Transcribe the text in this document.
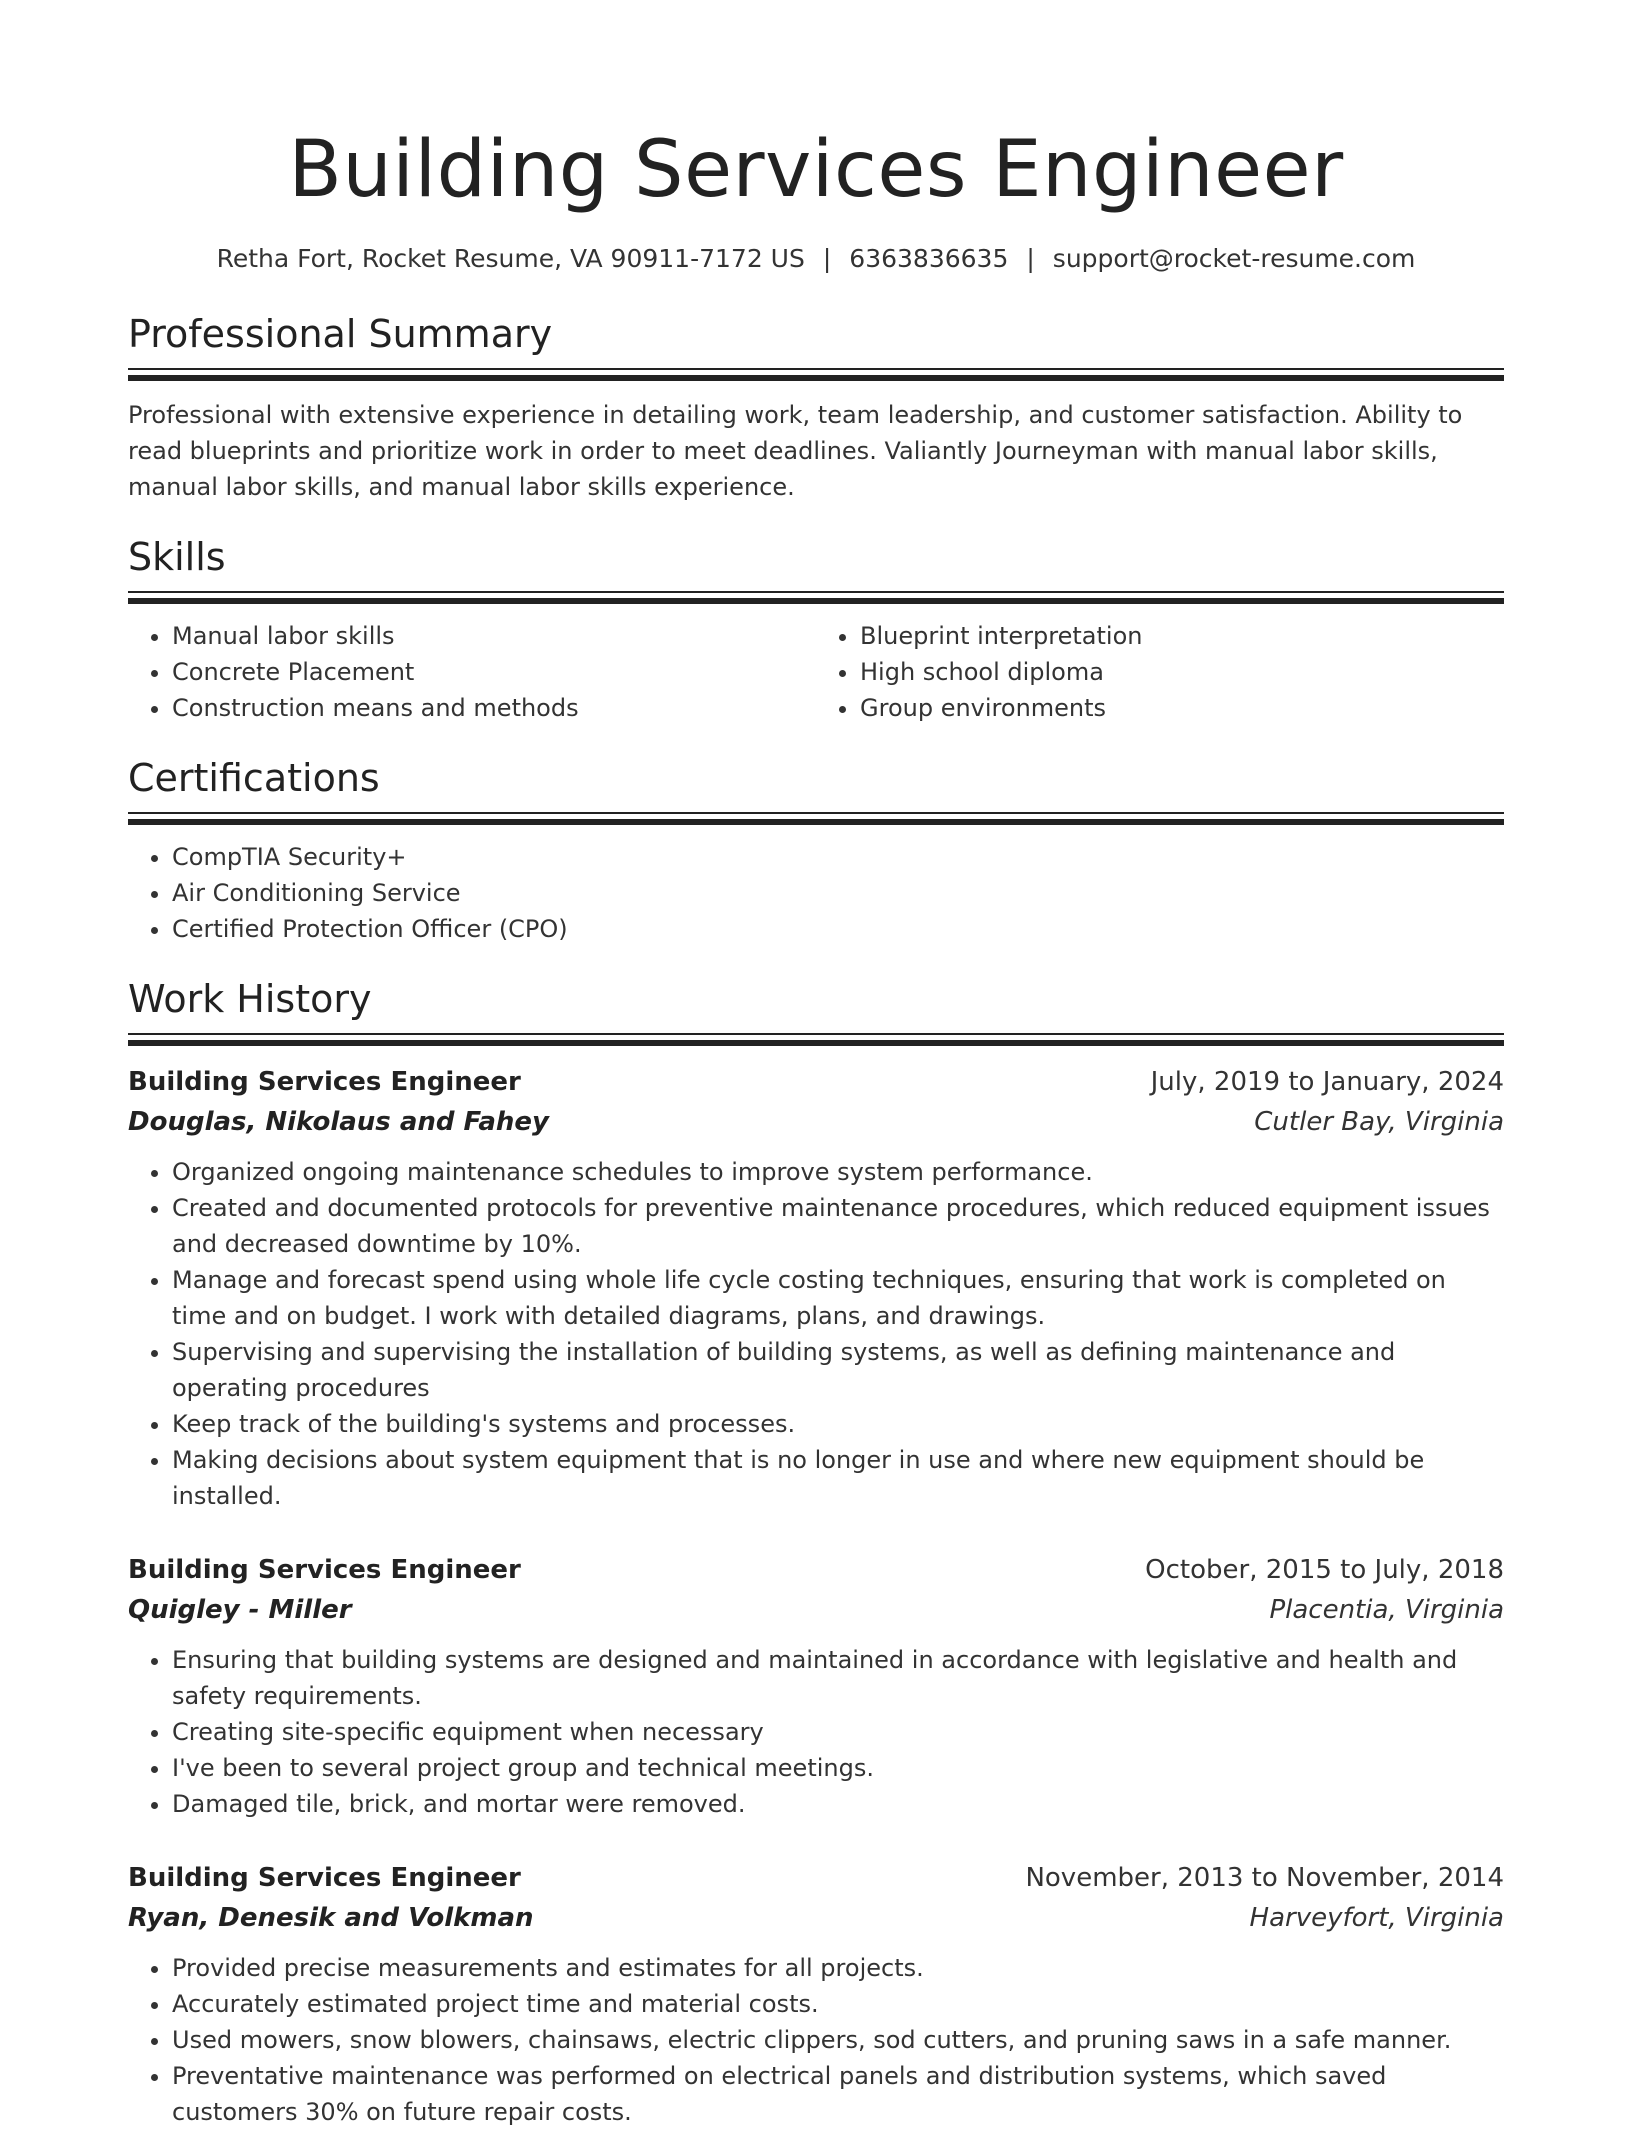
Building Services Engineer
Retha Fort, Rocket Resume, VA 90911-7172 US | 6363836635 | support@rocket-resume.com
Professional Summary
Professional with extensive experience in detailing work, team leadership, and customer satisfaction. Ability to read blueprints and prioritize work in order to meet deadlines. Valiantly Journeyman with manual labor skills, manual labor skills, and manual labor skills experience.
Skills
• Manual labor skills
• Concrete Placement
• Construction means and methods
• Blueprint interpretation
• High school diploma
• Group environments
Certifications
• CompTIA Security+
• Air Conditioning Service
• Certified Protection Officer (CPO)
Work History
Building Services Engineer	July, 2019 to January, 2024
Douglas, Nikolaus and Fahey	Cutler Bay, Virginia
• Organized ongoing maintenance schedules to improve system performance.
• Created and documented protocols for preventive maintenance procedures, which reduced equipment issues and decreased downtime by 10%.
• Manage and forecast spend using whole life cycle costing techniques, ensuring that work is completed on time and on budget. I work with detailed diagrams, plans, and drawings.
• Supervising and supervising the installation of building systems, as well as defining maintenance and operating procedures
• Keep track of the building's systems and processes.
• Making decisions about system equipment that is no longer in use and where new equipment should be installed.
Building Services Engineer	October, 2015 to July, 2018
Quigley - Miller	Placentia, Virginia
• Ensuring that building systems are designed and maintained in accordance with legislative and health and safety requirements.
• Creating site-specific equipment when necessary
• I've been to several project group and technical meetings.
• Damaged tile, brick, and mortar were removed.
Building Services Engineer	November, 2013 to November, 2014
Ryan, Denesik and Volkman	Harveyfort, Virginia
• Provided precise measurements and estimates for all projects.
• Accurately estimated project time and material costs.
• Used mowers, snow blowers, chainsaws, electric clippers, sod cutters, and pruning saws in a safe manner.
• Preventative maintenance was performed on electrical panels and distribution systems, which saved customers 30% on future repair costs.
